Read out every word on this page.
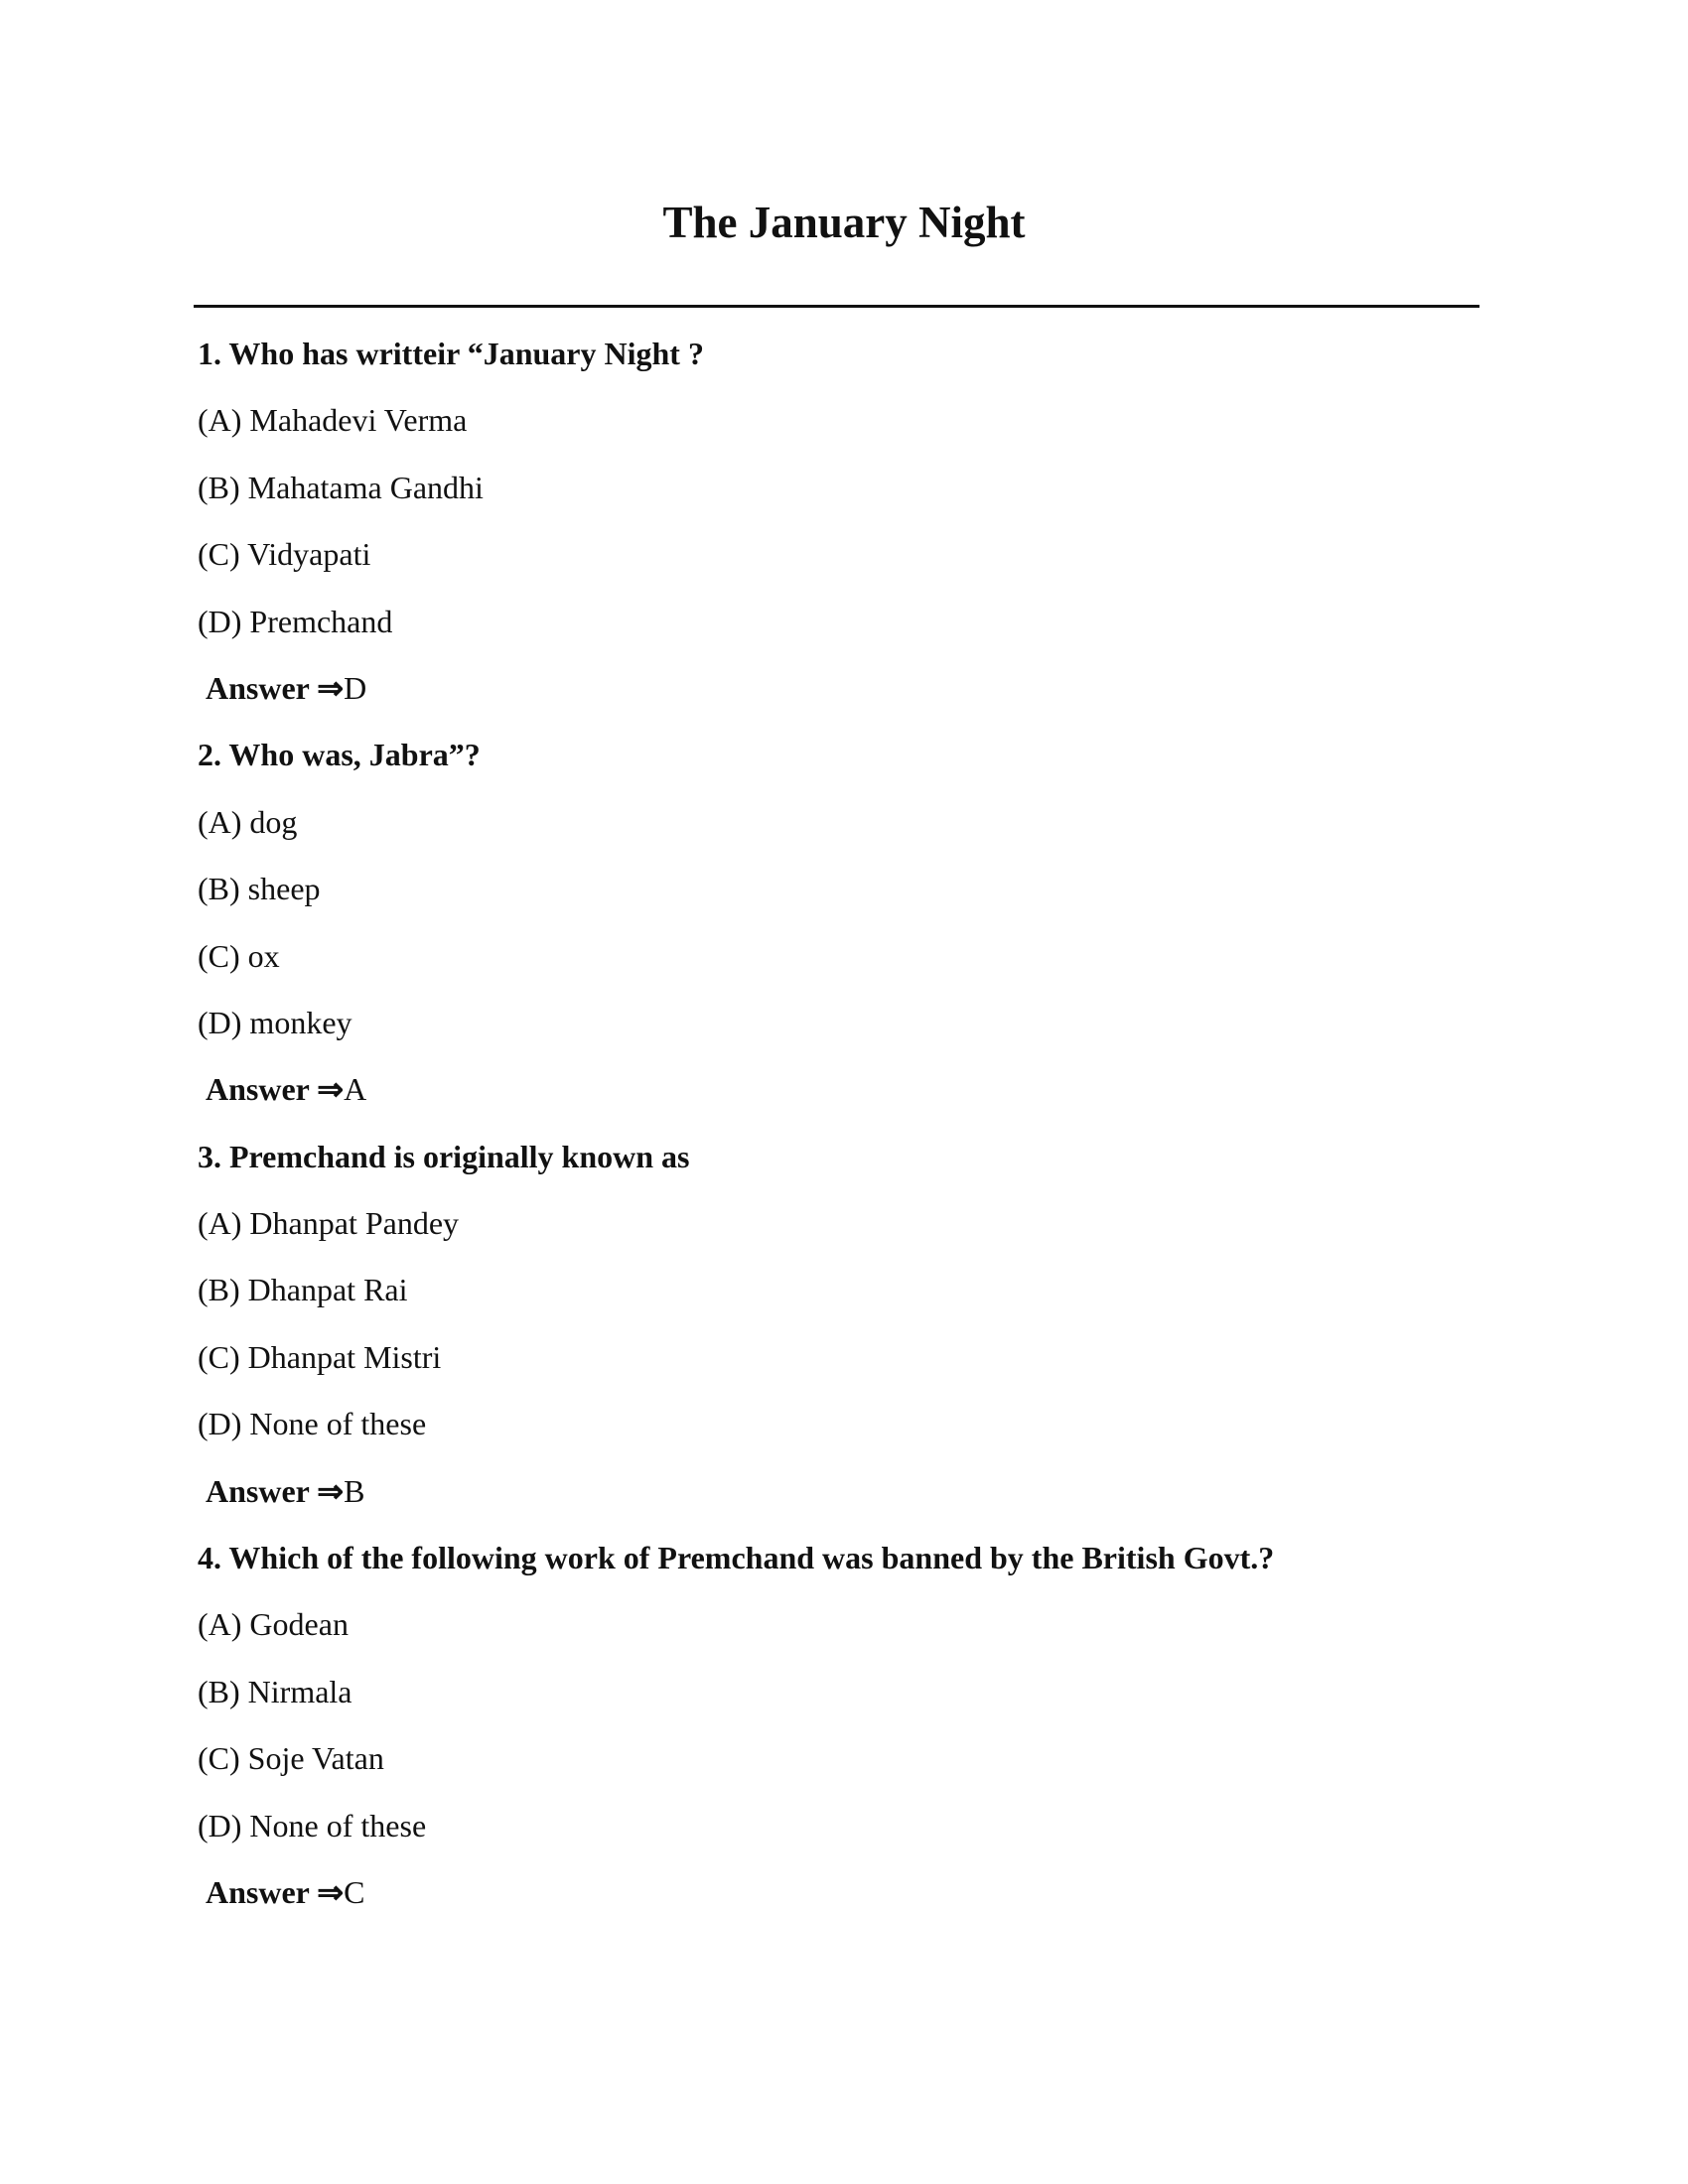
The January Night
1. Who has writteir “January Night ?
(A) Mahadevi Verma
(B) Mahatama Gandhi
(C) Vidyapati
(D) Premchand
Answer ⇒D
2. Who was, Jabra”?
(A) dog
(B) sheep
(C) ox
(D) monkey
Answer ⇒A
3. Premchand is originally known as
(A) Dhanpat Pandey
(B) Dhanpat Rai
(C) Dhanpat Mistri
(D) None of these
Answer ⇒B
4. Which of the following work of Premchand was banned by the British Govt.?
(A) Godean
(B) Nirmala
(C) Soje Vatan
(D) None of these
Answer ⇒C
